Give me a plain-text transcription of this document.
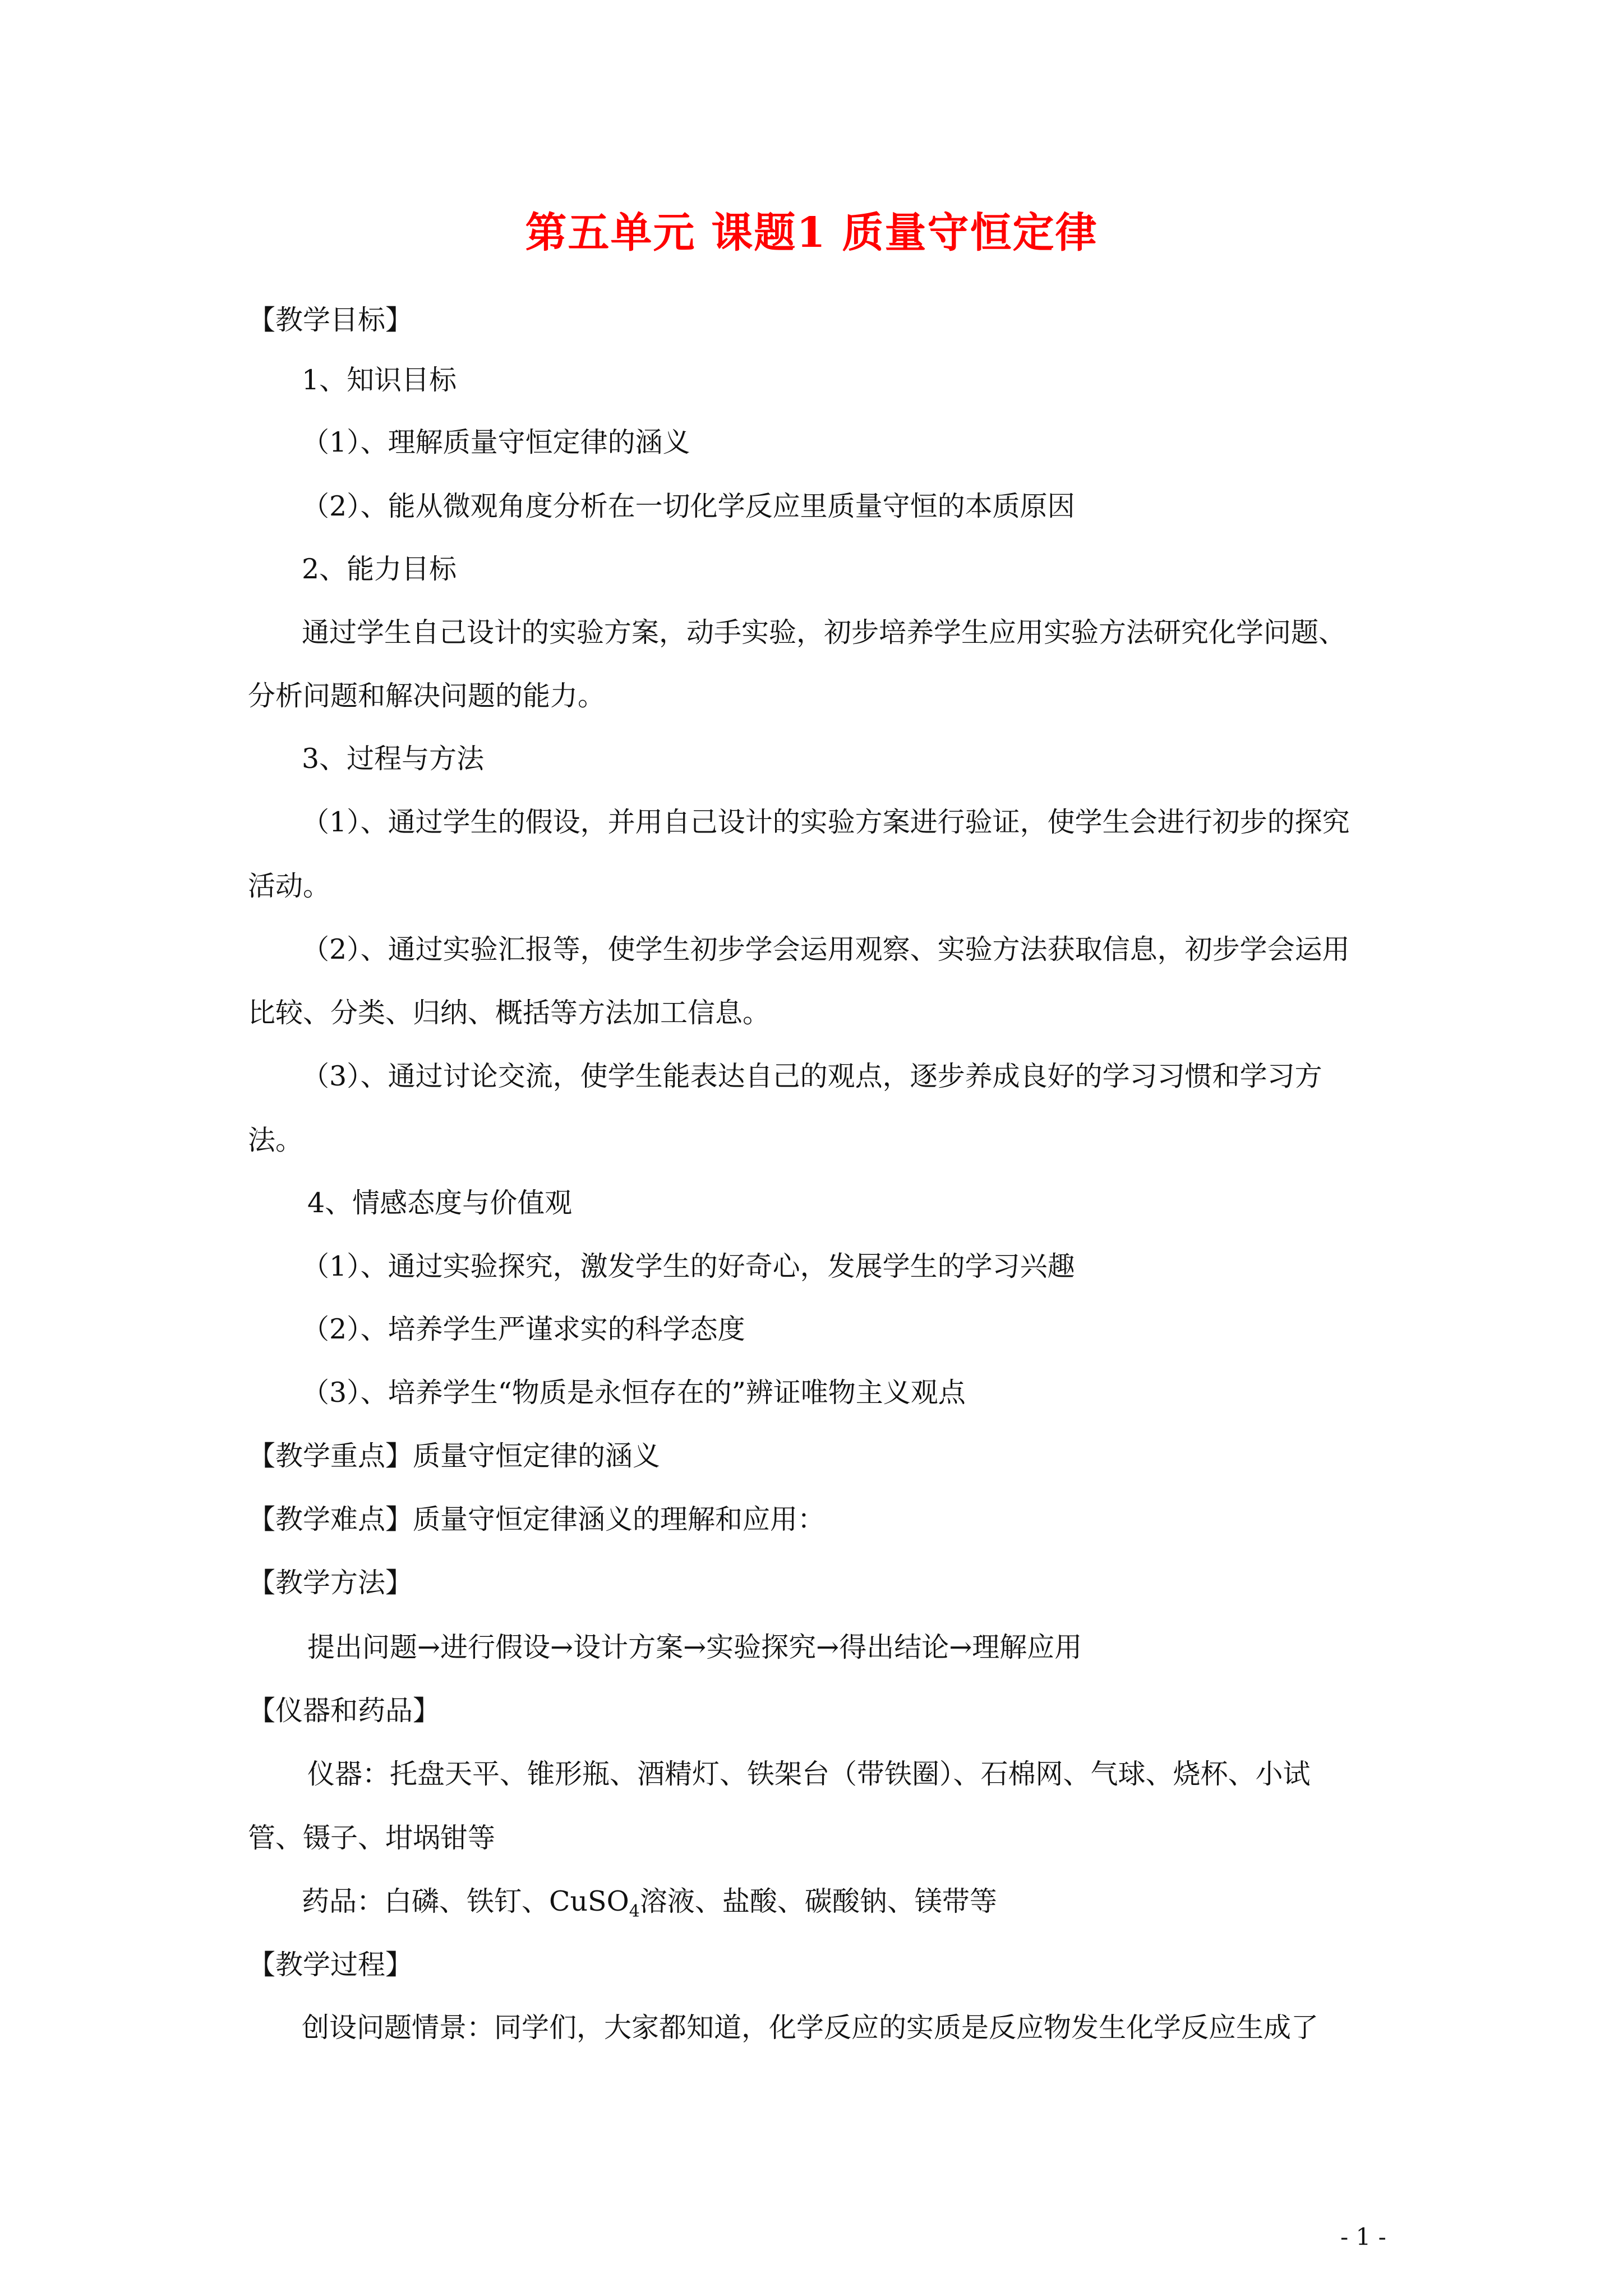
第五单元 课题1 质量守恒定律
【教学目标】
1、知识目标
（1）、理解质量守恒定律的涵义
（2）、能从微观角度分析在一切化学反应里质量守恒的本质原因
2、能力目标
通过学生自己设计的实验方案，动手实验，初步培养学生应用实验方法研究化学问题、
分析问题和解决问题的能力。
3、过程与方法
（1）、通过学生的假设，并用自己设计的实验方案进行验证，使学生会进行初步的探究
活动。
（2）、通过实验汇报等，使学生初步学会运用观察、实验方法获取信息，初步学会运用
比较、分类、归纳、概括等方法加工信息。
（3）、通过讨论交流，使学生能表达自己的观点，逐步养成良好的学习习惯和学习方
法。
4、情感态度与价值观
（1）、通过实验探究，激发学生的好奇心，发展学生的学习兴趣
（2）、培养学生严谨求实的科学态度
（3）、培养学生“物质是永恒存在的”辨证唯物主义观点
【教学重点】质量守恒定律的涵义
【教学难点】质量守恒定律涵义的理解和应用：
【教学方法】
提出问题→进行假设→设计方案→实验探究→得出结论→理解应用
【仪器和药品】
仪器：托盘天平、锥形瓶、酒精灯、铁架台（带铁圈）、石棉网、气球、烧杯、小试
管、镊子、坩埚钳等
药品：白磷、铁钉、CuSO$_4$溶液、盐酸、碳酸钠、镁带等
【教学过程】
创设问题情景：同学们，大家都知道，化学反应的实质是反应物发生化学反应生成了
- 1 -
